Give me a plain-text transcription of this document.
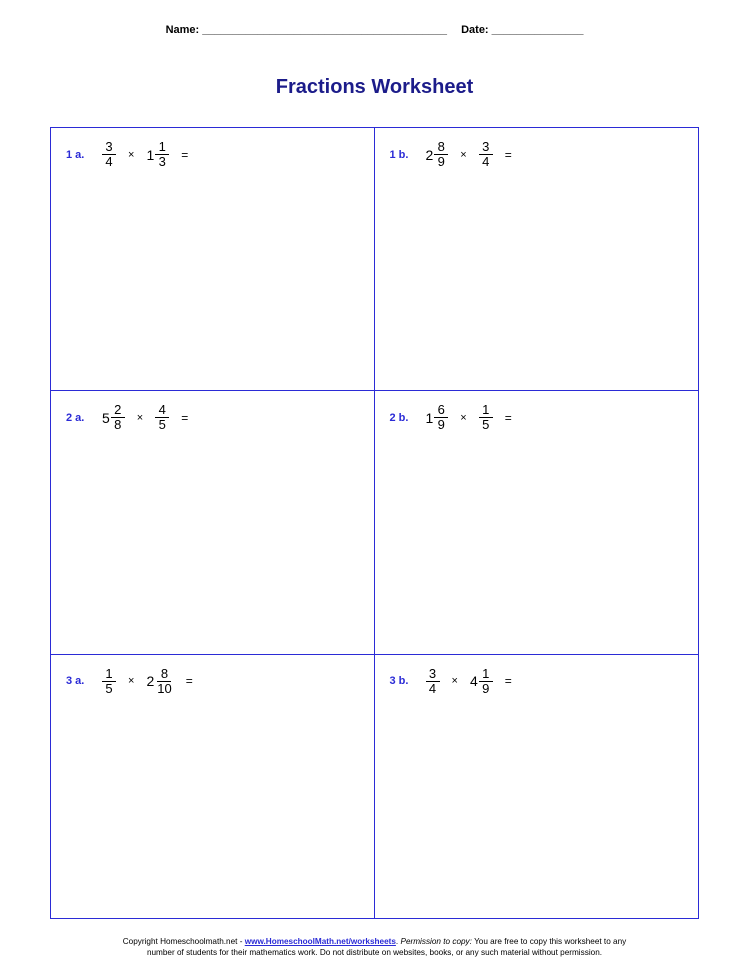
Name: ________________________________________ Date: _______________
Fractions Worksheet
1 a.	$\frac{3}{4} \times 1 \frac{1}{3}$ =	1 b.	$2 \frac{8}{9} \times \frac{3}{4}$ =
2 a.	$5 \frac{2}{8} \times \frac{4}{5}$ =	2 b.	$1 \frac{6}{9} \times \frac{1}{5}$ =
3 a.	$\frac{1}{5} \times 2 \frac{8}{10}$ =	3 b.	$\frac{3}{4} \times 4 \frac{1}{9}$ =
Copyright Homeschoolmath.net - www.HomeschoolMath.net/worksheets. Permission to copy: You are free to copy this worksheet to any
number of students for their mathematics work. Do not distribute on websites, books, or any such material without permission.
